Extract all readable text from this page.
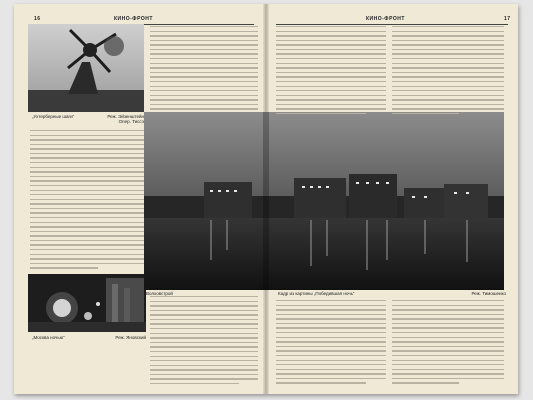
16	КИНО-ФРОНТ	КИНО-ФРОНТ	17
„Ухтерберные шаги“	Реж. Эйзенштейн
Опер. Тиссэ
„Москва ночью“	Реж. Яновский
Волховстрой	Кадр из картины „Победившая ночь“	Реж. Тимошенко
